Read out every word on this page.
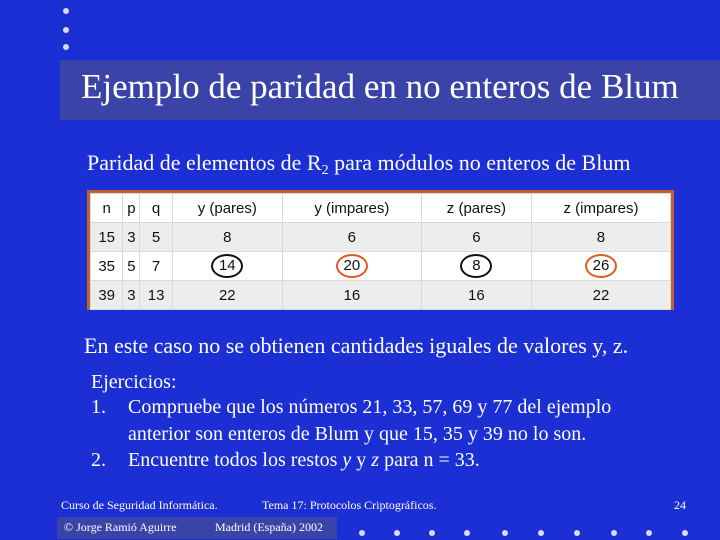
Ejemplo de paridad en no enteros de Blum
Paridad de elementos de $R_2$ para módulos no enteros de Blum
n	p	q	y (pares)	y (impares)	z (pares)	z (impares)
15	3	5	8	6	6	8
35	5	7	14	20	8	26
39	3	13	22	16	16	22
En este caso no se obtienen cantidades iguales de valores y, z.
Ejercicios:
1. Compruebe que los números 21, 33, 57, 69 y 77 del ejemplo
anterior son enteros de Blum y que 15, 35 y 39 no lo son.
2. Encuentre todos los restos y y z para n = 33.
Curso de Seguridad Informática.	Tema 17: Protocolos Criptográficos.	24
© Jorge Ramió Aguirre	Madrid (España) 2002
